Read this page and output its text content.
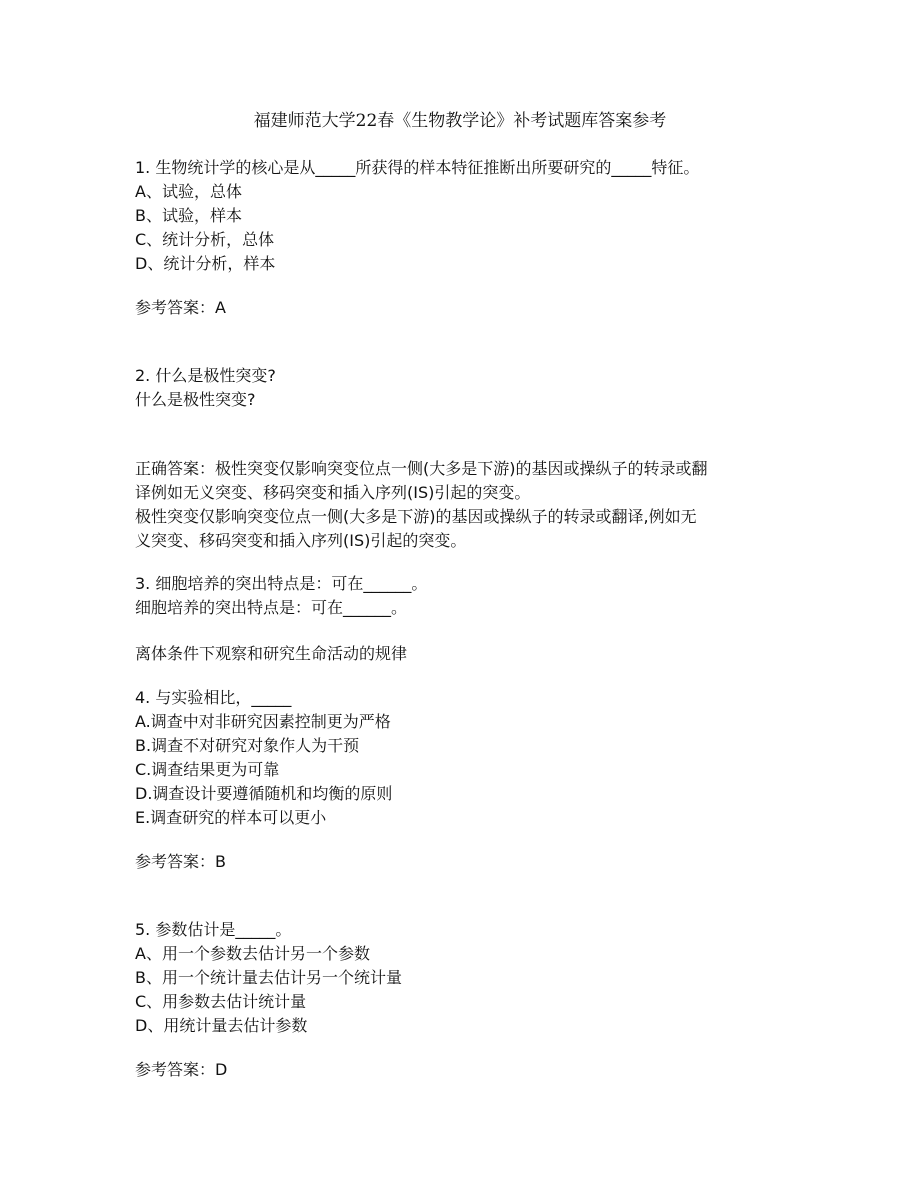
福建师范大学22春《生物教学论》补考试题库答案参考
1. 生物统计学的核心是从_____所获得的样本特征推断出所要研究的_____特征。
A、试验，总体
B、试验，样本
C、统计分析，总体
D、统计分析，样本
参考答案：A
2. 什么是极性突变?
什么是极性突变?
正确答案：极性突变仅影响突变位点一侧(大多是下游)的基因或操纵子的转录或翻
译例如无义突变、移码突变和插入序列(IS)引起的突变。
极性突变仅影响突变位点一侧(大多是下游)的基因或操纵子的转录或翻译,例如无
义突变、移码突变和插入序列(IS)引起的突变。
3. 细胞培养的突出特点是：可在______。
细胞培养的突出特点是：可在______。
离体条件下观察和研究生命活动的规律
4. 与实验相比，_____
A.调查中对非研究因素控制更为严格
B.调查不对研究对象作人为干预
C.调查结果更为可靠
D.调查设计要遵循随机和均衡的原则
E.调查研究的样本可以更小
参考答案：B
5. 参数估计是_____。
A、用一个参数去估计另一个参数
B、用一个统计量去估计另一个统计量
C、用参数去估计统计量
D、用统计量去估计参数
参考答案：D
